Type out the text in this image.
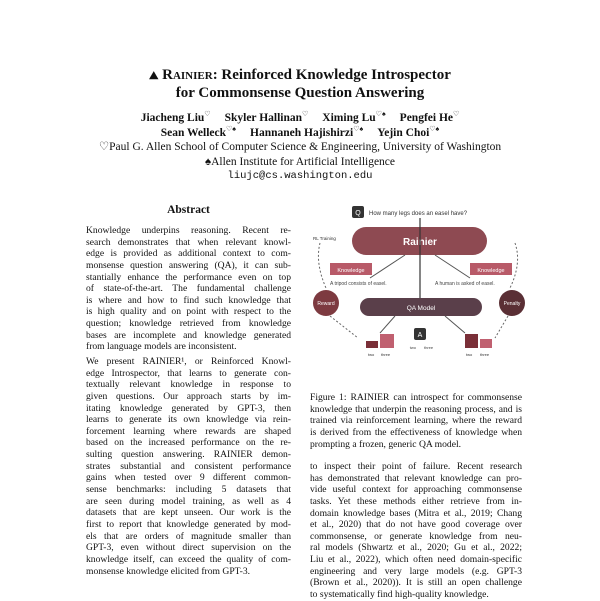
⛰ Rainier: Reinforced Knowledge Introspector
for Commonsense Question Answering
Jiacheng Liu♡ Skyler Hallinan♡ Ximing Lu♡♠ Pengfei He♡
Sean Welleck♡♠ Hannaneh Hajishirzi♡♠ Yejin Choi♡♠
♡Paul G. Allen School of Computer Science & Engineering, University of Washington
♠Allen Institute for Artificial Intelligence
liujc@cs.washington.edu
Abstract
Knowledge underpins reasoning. Recent re-
search demonstrates that when relevant knowl-
edge is provided as additional context to com-
monsense question answering (QA), it can sub-
stantially enhance the performance even on top
of state-of-the-art. The fundamental challenge
is where and how to find such knowledge that
is high quality and on point with respect to the
question; knowledge retrieved from knowledge
bases are incomplete and knowledge generated
from language models are inconsistent.
We present RAINIER¹, or Reinforced Knowl-
edge Introspector, that learns to generate con-
textually relevant knowledge in response to
given questions. Our approach starts by im-
itating knowledge generated by GPT-3, then
learns to generate its own knowledge via rein-
forcement learning where rewards are shaped
based on the increased performance on the re-
sulting question answering. RAINIER demon-
strates substantial and consistent performance
gains when tested over 9 different common-
sense benchmarks: including 5 datasets that
are seen during model training, as well as 4
datasets that are kept unseen. Our work is the
first to report that knowledge generated by mod-
els that are orders of magnitude smaller than
GPT-3, even without direct supervision on the
knowledge itself, can exceed the quality of com-
monsense knowledge elicited from GPT-3.
Q How many legs does an easel have?
RL Training	Rainier
Knowledge
A tripod consists of easel.
Knowledge
A human is asked of easel.
Reward	Penalty
QA Model
A
two three
two three	two three
Figure 1: RAINIER can introspect for commonsense
knowledge that underpin the reasoning process, and is
trained via reinforcement learning, where the reward
is derived from the effectiveness of knowledge when
prompting a frozen, generic QA model.
to inspect their point of failure. Recent research
has demonstrated that relevant knowledge can pro-
vide useful context for approaching commonsense
tasks. Yet these methods either retrieve from in-
domain knowledge bases (Mitra et al., 2019; Chang
et al., 2020) that do not have good coverage over
commonsense, or generate knowledge from neu-
ral models (Shwartz et al., 2020; Gu et al., 2022;
Liu et al., 2022), which often need domain-specific
engineering and very large models (e.g. GPT-3
(Brown et al., 2020)). It is still an open challenge
to systematically find high-quality knowledge.
